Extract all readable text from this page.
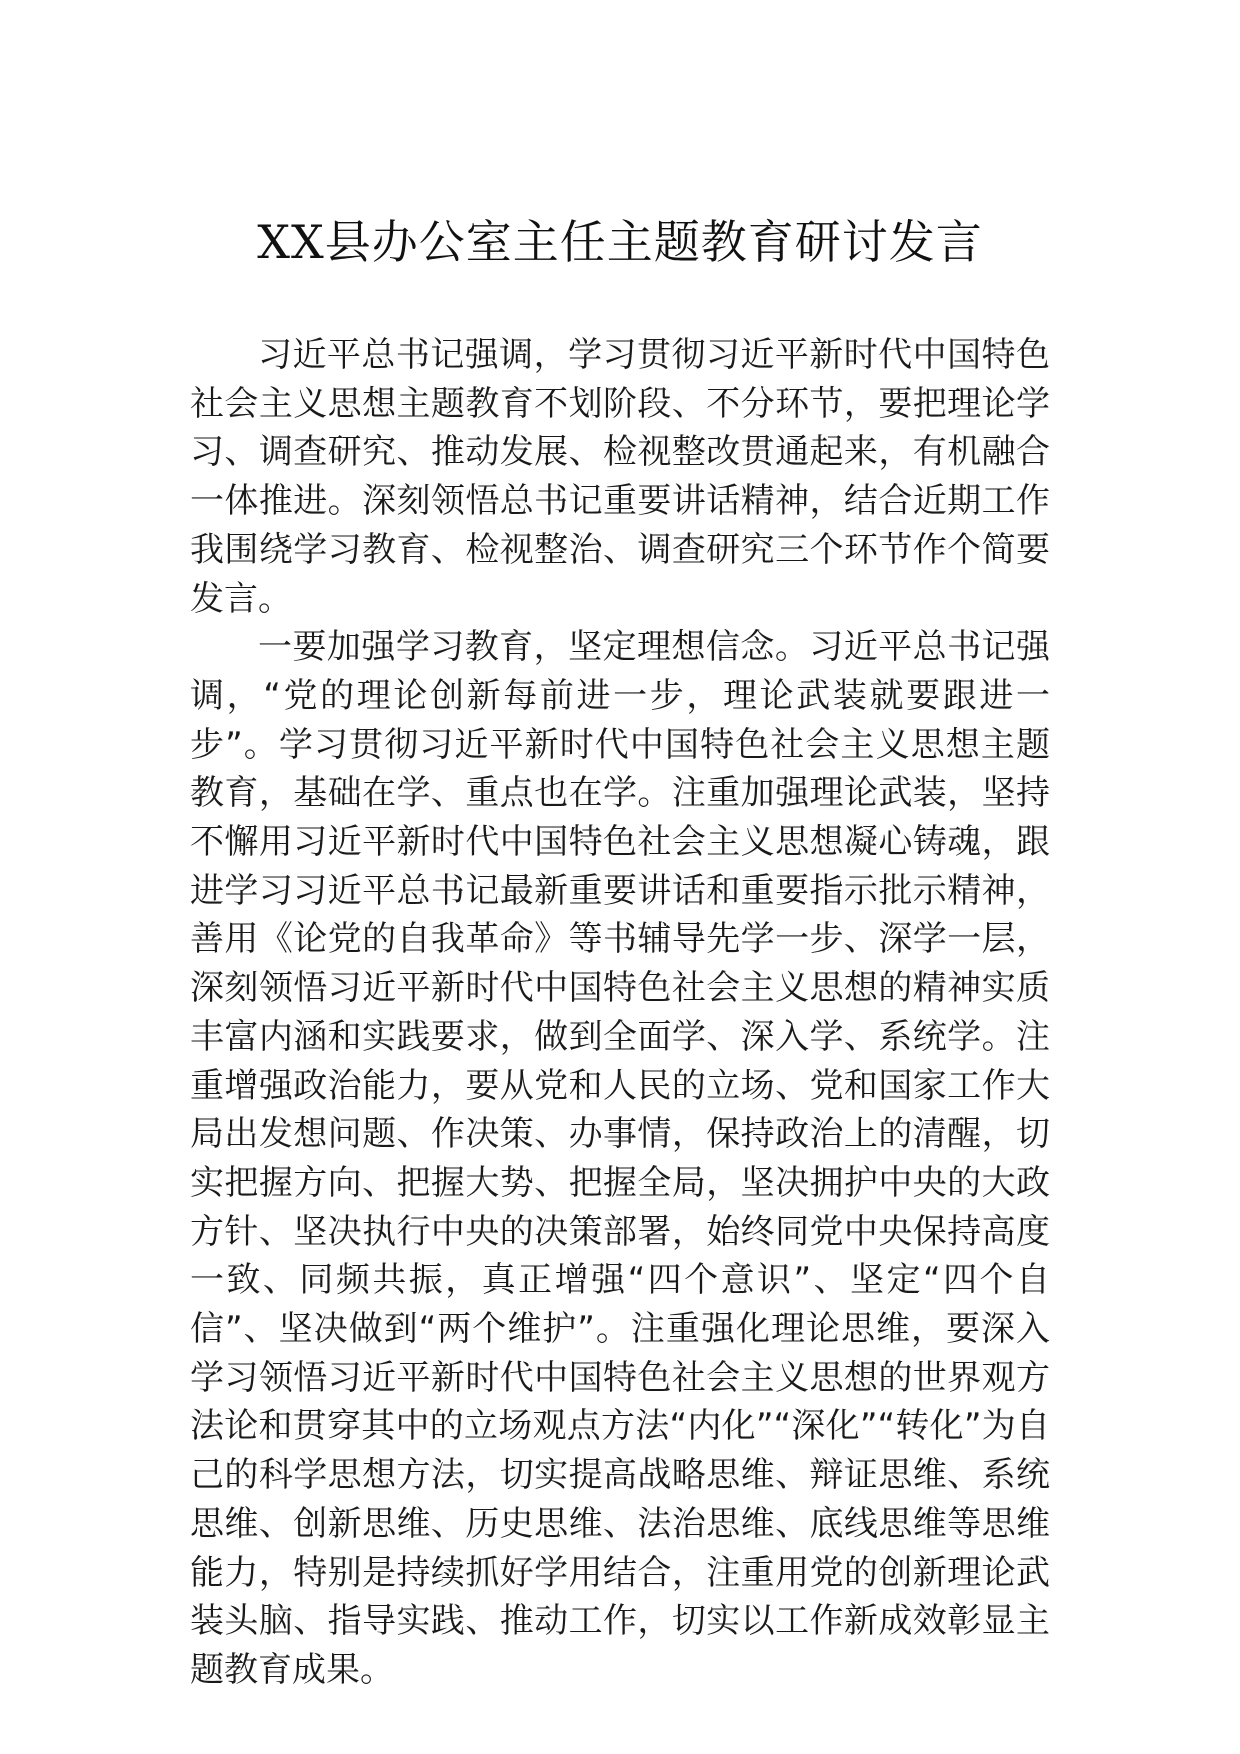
XX县办公室主任主题教育研讨发言

习近平总书记强调，学习贯彻习近平新时代中国特色社会主义思想主题教育不划阶段、不分环节，要把理论学习、调查研究、推动发展、检视整改贯通起来，有机融合一体推进。深刻领悟总书记重要讲话精神，结合近期工作我围绕学习教育、检视整治、调查研究三个环节作个简要发言。

一要加强学习教育，坚定理想信念。习近平总书记强调，“党的理论创新每前进一步，理论武装就要跟进一步”。学习贯彻习近平新时代中国特色社会主义思想主题教育，基础在学、重点也在学。注重加强理论武装，坚持不懈用习近平新时代中国特色社会主义思想凝心铸魂，跟进学习习近平总书记最新重要讲话和重要指示批示精神，善用《论党的自我革命》等书辅导先学一步、深学一层，深刻领悟习近平新时代中国特色社会主义思想的精神实质丰富内涵和实践要求，做到全面学、深入学、系统学。注重增强政治能力，要从党和人民的立场、党和国家工作大局出发想问题、作决策、办事情，保持政治上的清醒，切实把握方向、把握大势、把握全局，坚决拥护中央的大政方针、坚决执行中央的决策部署，始终同党中央保持高度一致、同频共振，真正增强“四个意识”、坚定“四个自信”、坚决做到“两个维护”。注重强化理论思维，要深入学习领悟习近平新时代中国特色社会主义思想的世界观方法论和贯穿其中的立场观点方法“内化”“深化”“转化”为自己的科学思想方法，切实提高战略思维、辩证思维、系统思维、创新思维、历史思维、法治思维、底线思维等思维能力，特别是持续抓好学用结合，注重用党的创新理论武装头脑、指导实践、推动工作，切实以工作新成效彰显主题教育成果。
